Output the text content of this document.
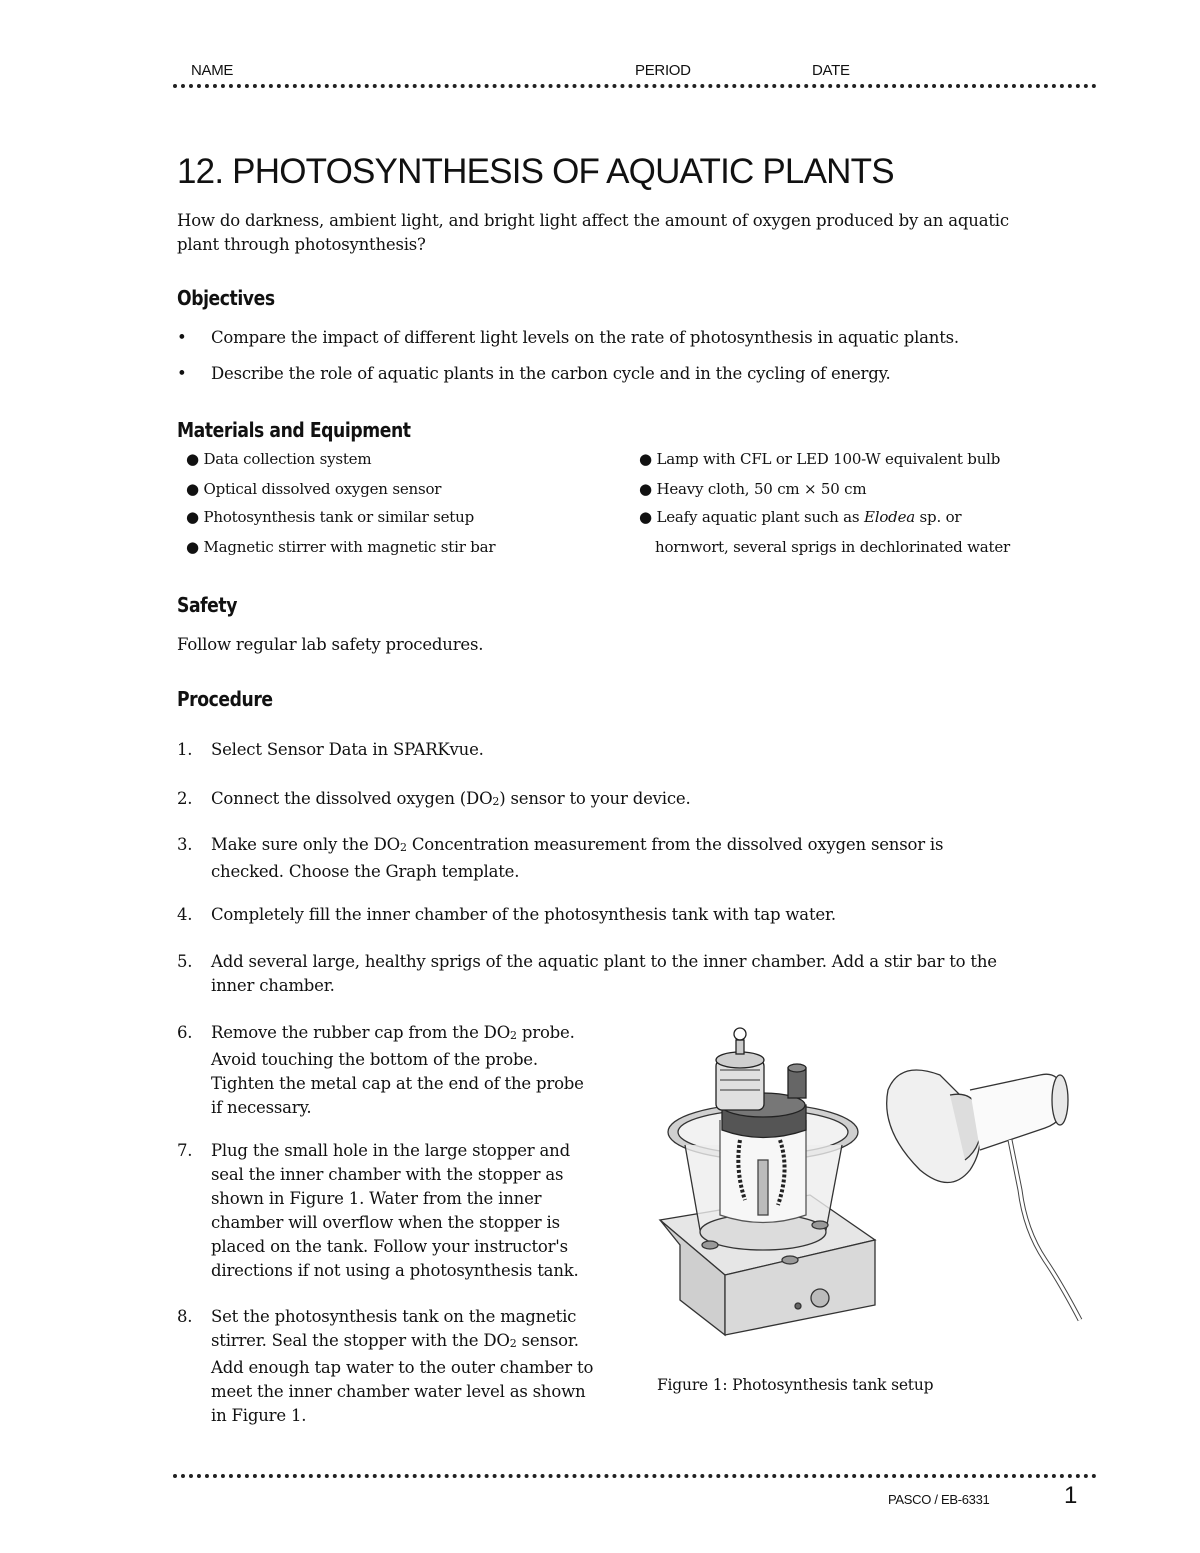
NAME	PERIOD	DATE
12. PHOTOSYNTHESIS OF AQUATIC PLANTS
How do darkness, ambient light, and bright light affect the amount of oxygen produced by an aquatic
plant through photosynthesis?
Objectives
• Compare the impact of different light levels on the rate of photosynthesis in aquatic plants.
• Describe the role of aquatic plants in the carbon cycle and in the cycling of energy.
Materials and Equipment
● Data collection system
● Optical dissolved oxygen sensor
● Photosynthesis tank or similar setup
● Magnetic stirrer with magnetic stir bar
● Lamp with CFL or LED 100-W equivalent bulb
● Heavy cloth, 50 cm × 50 cm
● Leafy aquatic plant such as Elodea sp. or
hornwort, several sprigs in dechlorinated water
Safety
Follow regular lab safety procedures.
Procedure
1. Select Sensor Data in SPARKvue.
2. Connect the dissolved oxygen $(DO_2)$ sensor to your device.
3. Make sure only the $DO_2$ Concentration measurement from the dissolved oxygen sensor is
checked. Choose the Graph template.
4. Completely fill the inner chamber of the photosynthesis tank with tap water.
5. Add several large, healthy sprigs of the aquatic plant to the inner chamber. Add a stir bar to the
inner chamber.
6. Remove the rubber cap from the $DO_2$ probe.
Avoid touching the bottom of the probe.
Tighten the metal cap at the end of the probe
if necessary.
7. Plug the small hole in the large stopper and
seal the inner chamber with the stopper as
shown in Figure 1. Water from the inner
chamber will overflow when the stopper is
placed on the tank. Follow your instructor's
directions if not using a photosynthesis tank.
8. Set the photosynthesis tank on the magnetic
stirrer. Seal the stopper with the $DO_2$ sensor.
Add enough tap water to the outer chamber to
meet the inner chamber water level as shown
in Figure 1.
Figure 1: Photosynthesis tank setup
PASCO / EB-6331	1
